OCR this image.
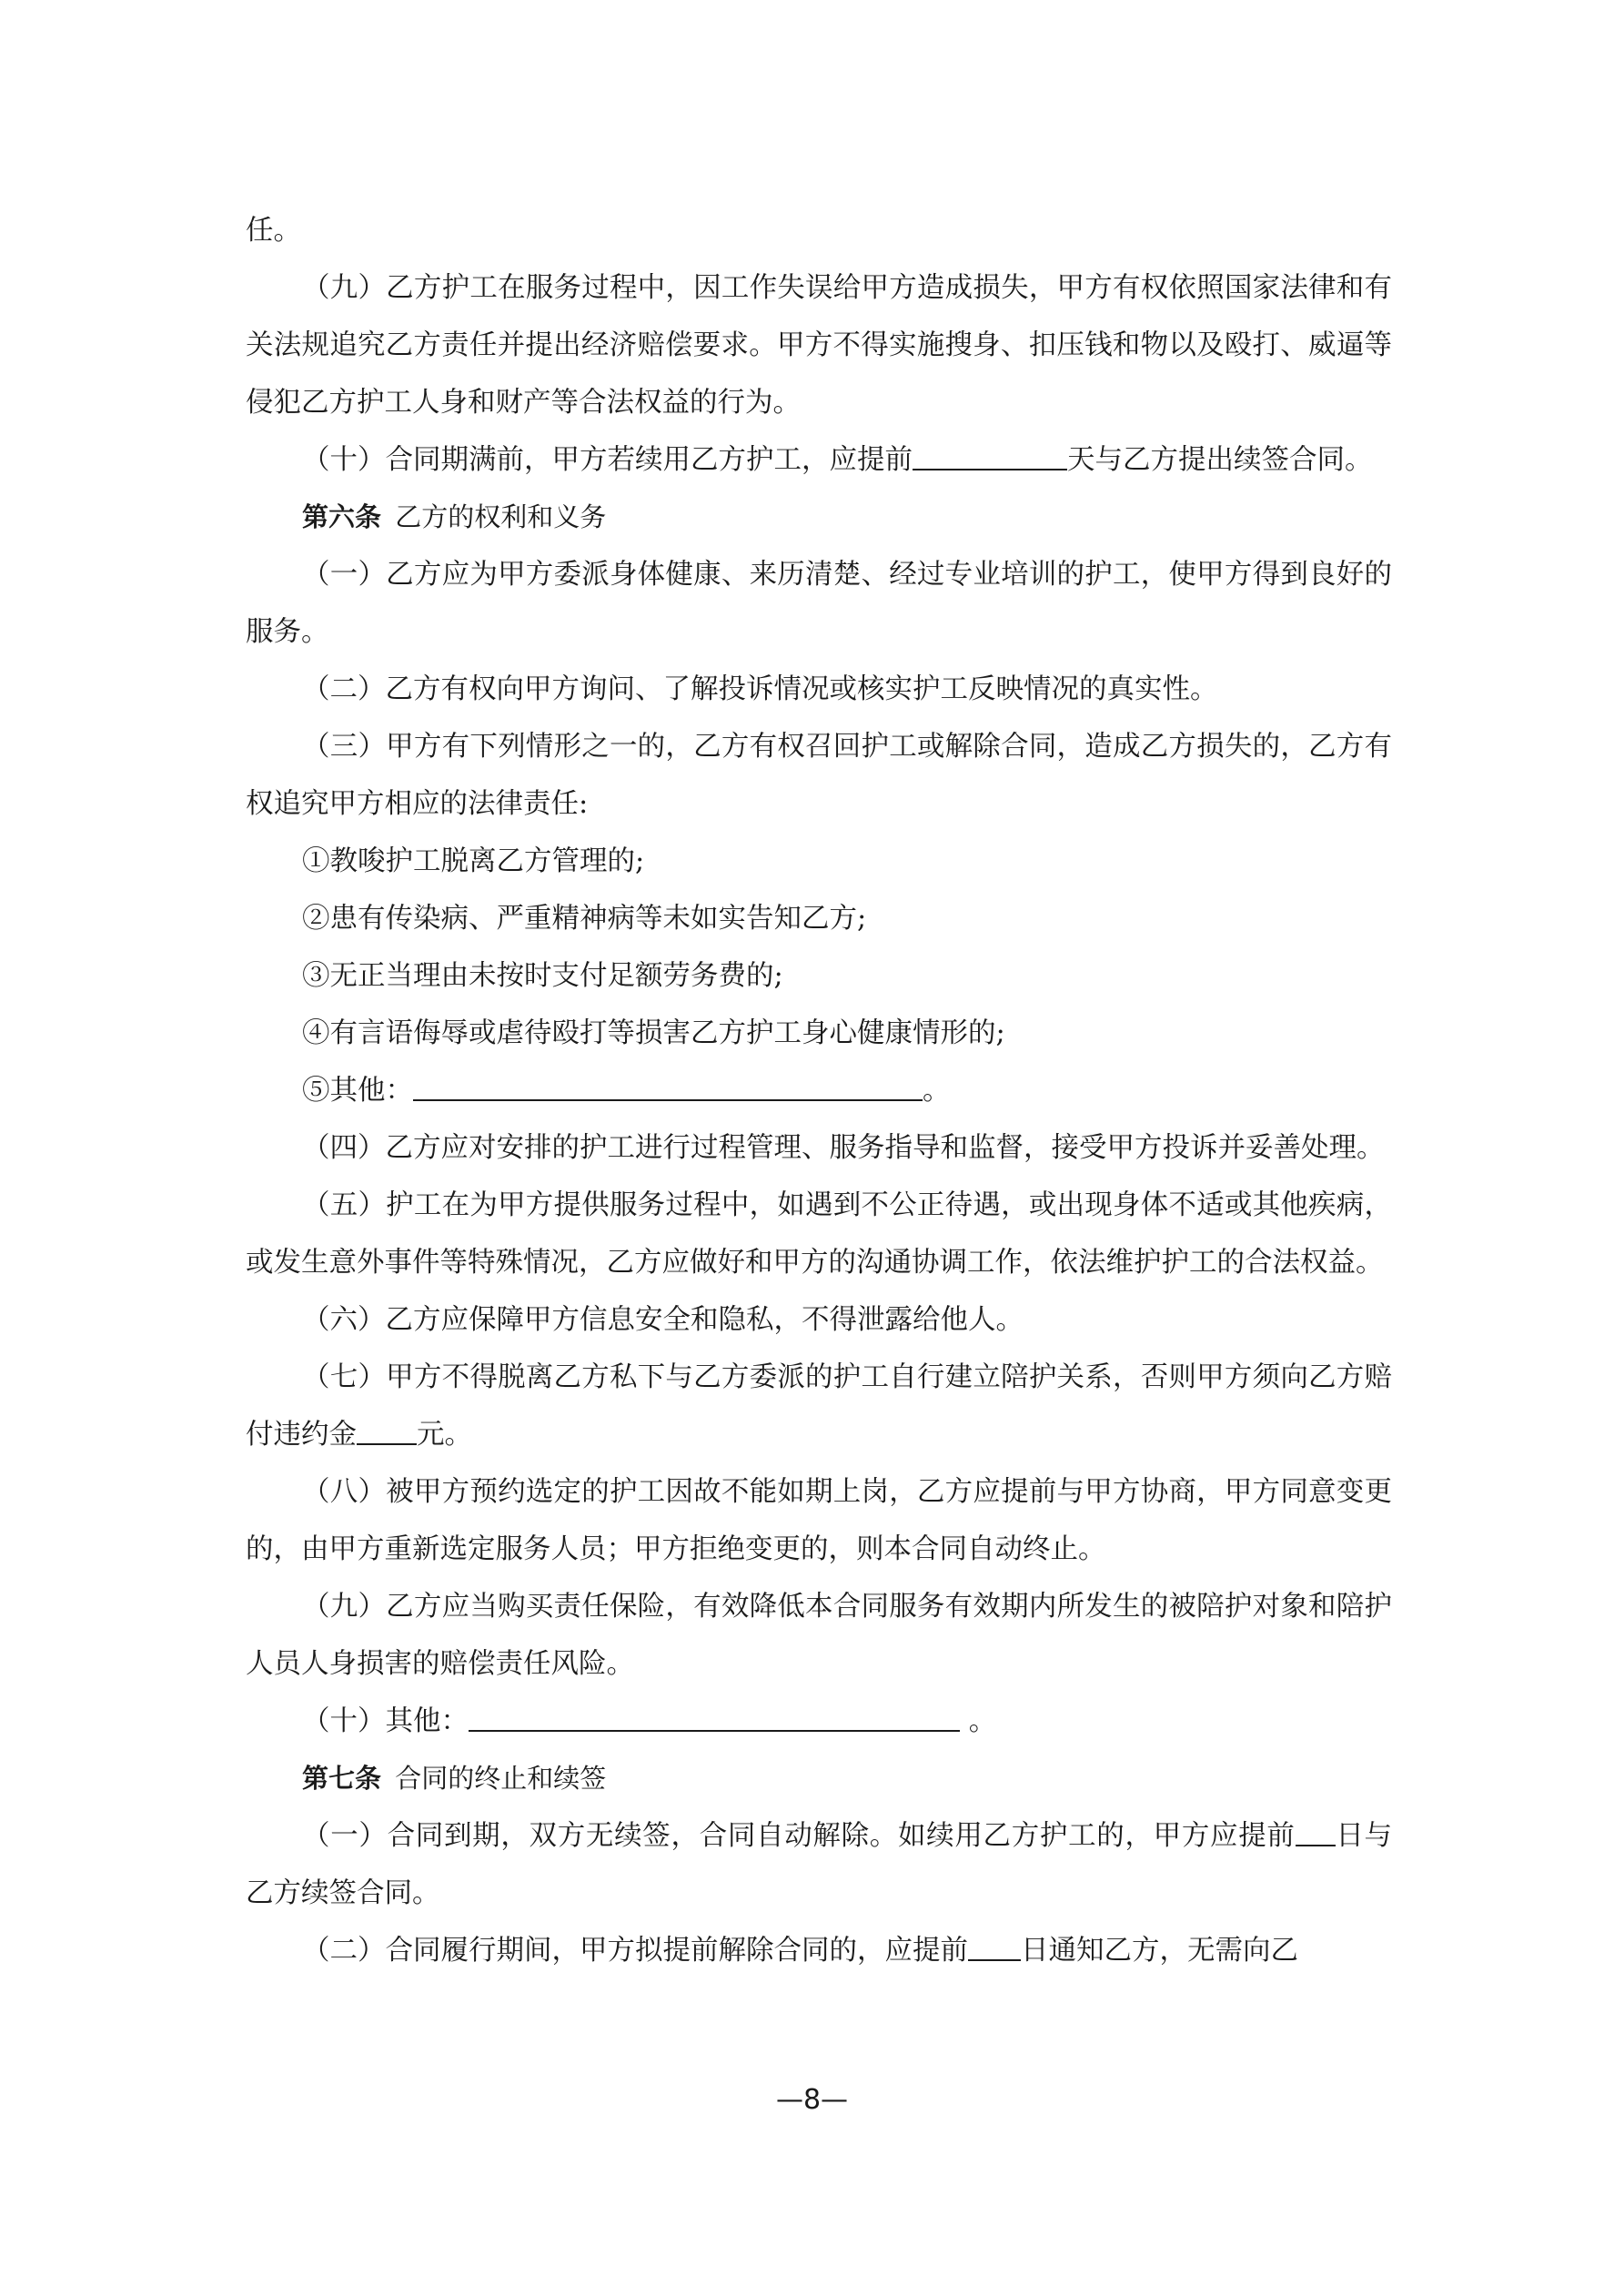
任。

（九）乙方护工在服务过程中，因工作失误给甲方造成损失，甲方有权依照国家法律和有关法规追究乙方责任并提出经济赔偿要求。甲方不得实施搜身、扣压钱和物以及殴打、威逼等侵犯乙方护工人身和财产等合法权益的行为。

（十）合同期满前，甲方若续用乙方护工，应提前	天与乙方提出续签合同。

第六条  乙方的权利和义务

（一）乙方应为甲方委派身体健康、来历清楚、经过专业培训的护工，使甲方得到良好的服务。

（二）乙方有权向甲方询问、了解投诉情况或核实护工反映情况的真实性。

（三）甲方有下列情形之一的，乙方有权召回护工或解除合同，造成乙方损失的，乙方有权追究甲方相应的法律责任:

①教唆护工脱离乙方管理的;

②患有传染病、严重精神病等未如实告知乙方;

③无正当理由未按时支付足额劳务费的;

④有言语侮辱或虐待殴打等损害乙方护工身心健康情形的;

⑤其他：	。

（四）乙方应对安排的护工进行过程管理、服务指导和监督，接受甲方投诉并妥善处理。

（五）护工在为甲方提供服务过程中，如遇到不公正待遇，或出现身体不适或其他疾病，或发生意外事件等特殊情况，乙方应做好和甲方的沟通协调工作，依法维护护工的合法权益。

（六）乙方应保障甲方信息安全和隐私，不得泄露给他人。

（七）甲方不得脱离乙方私下与乙方委派的护工自行建立陪护关系，否则甲方须向乙方赔付违约金 元。

（八）被甲方预约选定的护工因故不能如期上岗，乙方应提前与甲方协商，甲方同意变更的，由甲方重新选定服务人员；甲方拒绝变更的，则本合同自动终止。

（九）乙方应当购买责任保险，有效降低本合同服务有效期内所发生的被陪护对象和陪护人员人身损害的赔偿责任风险。

（十）其他：	。

第七条  合同的终止和续签

（一）合同到期，双方无续签，合同自动解除。如续用乙方护工的，甲方应提前 日与乙方续签合同。

（二）合同履行期间，甲方拟提前解除合同的，应提前 日通知乙方，无需向乙

—8—
